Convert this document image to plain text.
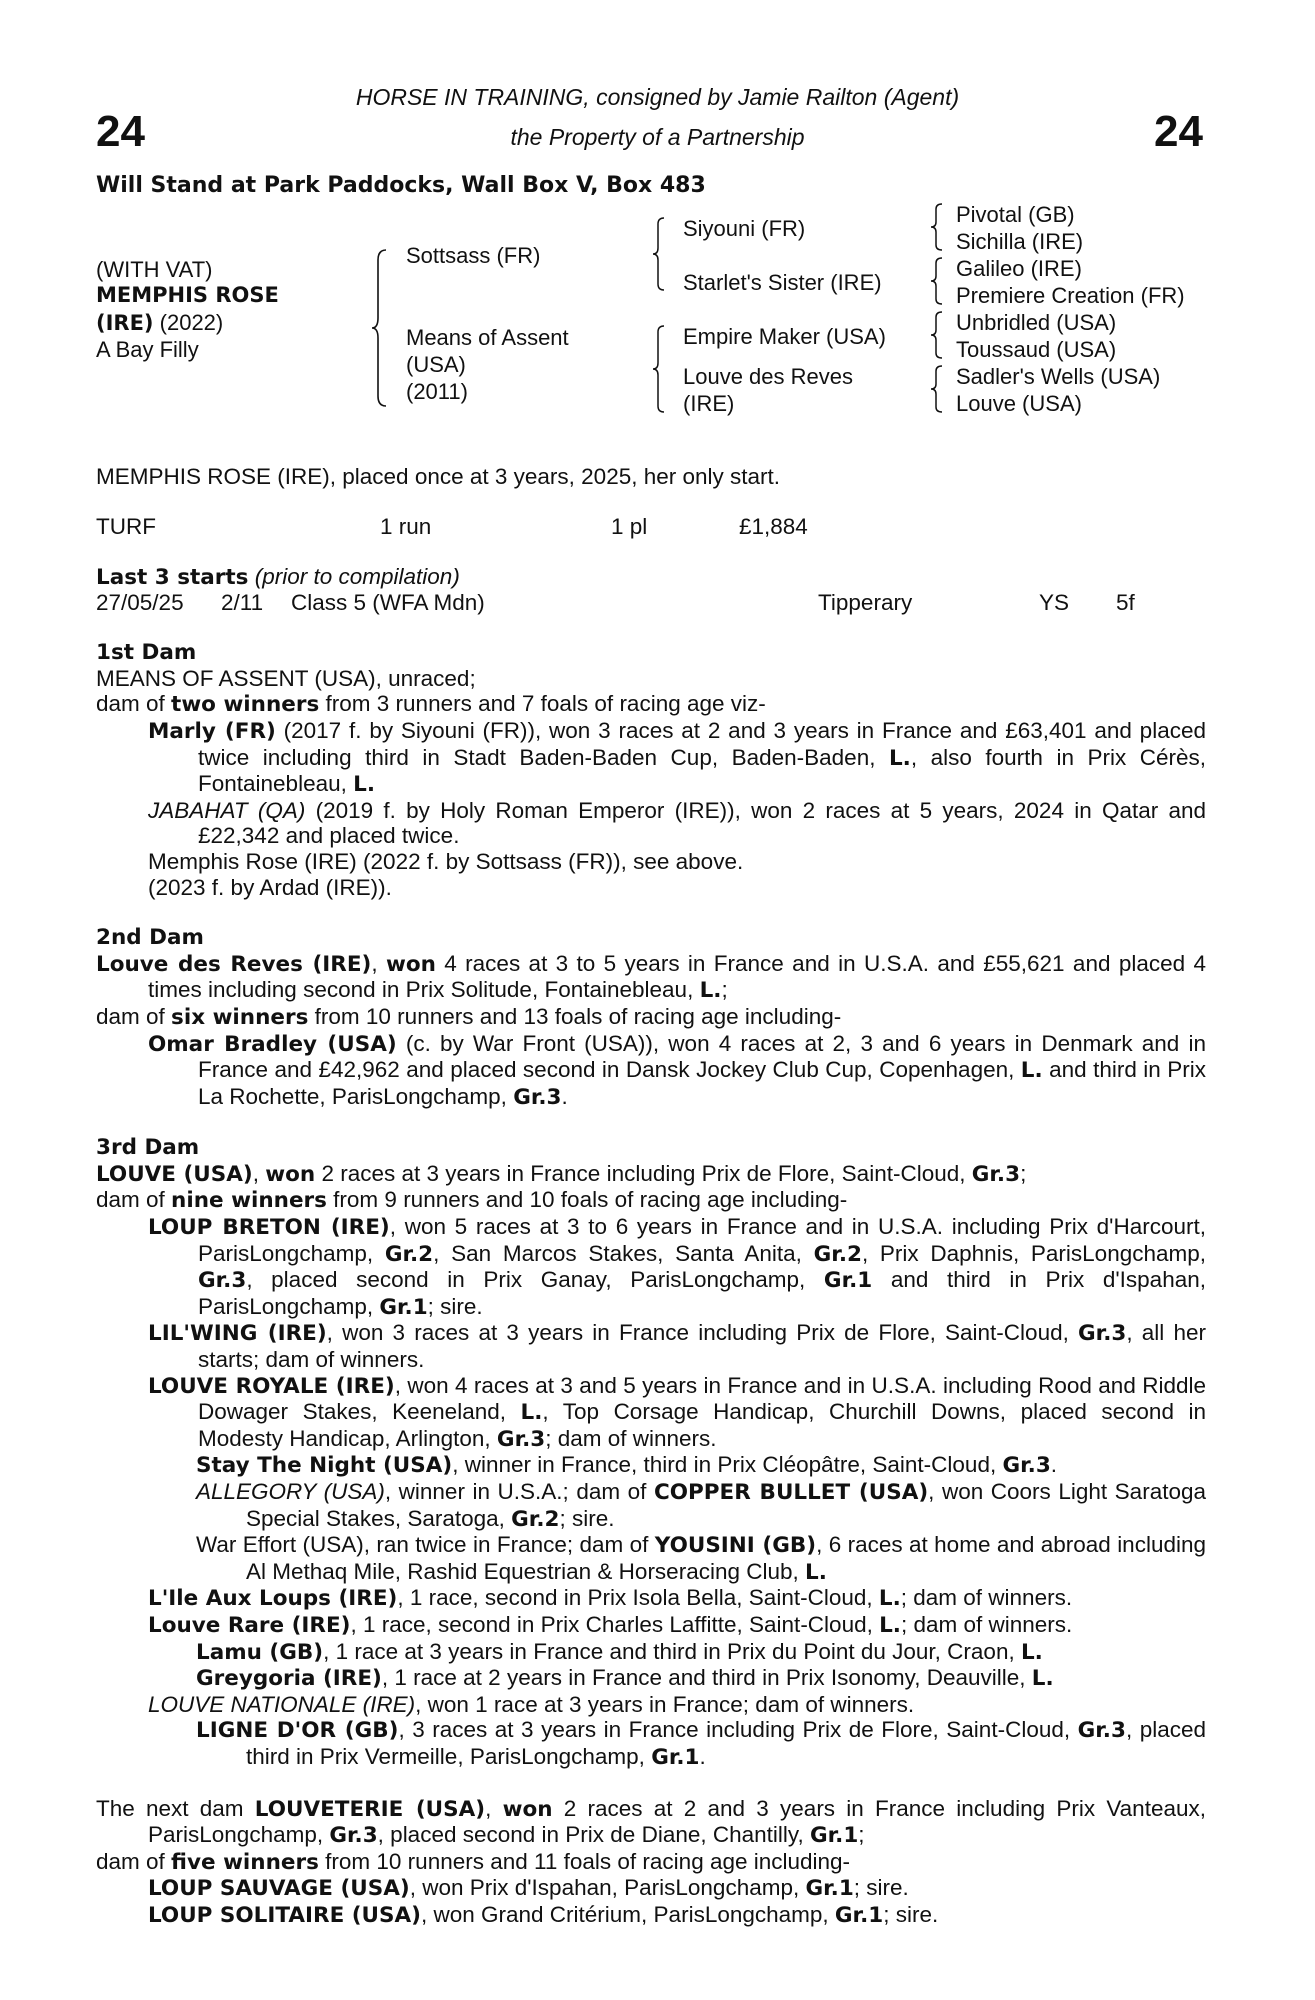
24	24
HORSE IN TRAINING, consigned by Jamie Railton (Agent)
the Property of a Partnership
Will Stand at Park Paddocks, Wall Box V, Box 483
(WITH VAT)
MEMPHIS ROSE
(IRE) (2022)
A Bay Filly
Sottsass (FR)
Means of Assent
(USA)
(2011)
Siyouni (FR)
Starlet's Sister (IRE)
Empire Maker (USA)
Louve des Reves
(IRE)
Pivotal (GB)
Sichilla (IRE)
Galileo (IRE)
Premiere Creation (FR)
Unbridled (USA)
Toussaud (USA)
Sadler's Wells (USA)
Louve (USA)

MEMPHIS ROSE (IRE), placed once at 3 years, 2025, her only start.

TURF	1 run	1 pl	£1,884

Last 3 starts (prior to compilation)

27/05/25 2/11 Class 5 (WFA Mdn)	Tipperary	YS 5f

1st Dam

MEANS OF ASSENT (USA), unraced;

dam of two winners from 3 runners and 7 foals of racing age viz-

Marly (FR) (2017 f. by Siyouni (FR)), won 3 races at 2 and 3 years in France and £63,401 and placed twice including third in Stadt Baden-Baden Cup, Baden-Baden, L., also fourth in Prix Cérès, Fontainebleau, L.

JABAHAT (QA) (2019 f. by Holy Roman Emperor (IRE)), won 2 races at 5 years, 2024 in Qatar and £22,342 and placed twice.

Memphis Rose (IRE) (2022 f. by Sottsass (FR)), see above.

(2023 f. by Ardad (IRE)).

2nd Dam

Louve des Reves (IRE), won 4 races at 3 to 5 years in France and in U.S.A. and £55,621 and placed 4 times including second in Prix Solitude, Fontainebleau, L.;

dam of six winners from 10 runners and 13 foals of racing age including-

Omar Bradley (USA) (c. by War Front (USA)), won 4 races at 2, 3 and 6 years in Denmark and in France and £42,962 and placed second in Dansk Jockey Club Cup, Copenhagen, L. and third in Prix La Rochette, ParisLongchamp, Gr.3.

3rd Dam

LOUVE (USA), won 2 races at 3 years in France including Prix de Flore, Saint-Cloud, Gr.3;

dam of nine winners from 9 runners and 10 foals of racing age including-

LOUP BRETON (IRE), won 5 races at 3 to 6 years in France and in U.S.A. including Prix d'Harcourt, ParisLongchamp, Gr.2, San Marcos Stakes, Santa Anita, Gr.2, Prix Daphnis, ParisLongchamp, Gr.3, placed second in Prix Ganay, ParisLongchamp, Gr.1 and third in Prix d'Ispahan, ParisLongchamp, Gr.1; sire.

LIL'WING (IRE), won 3 races at 3 years in France including Prix de Flore, Saint-Cloud, Gr.3, all her starts; dam of winners.

LOUVE ROYALE (IRE), won 4 races at 3 and 5 years in France and in U.S.A. including Rood and Riddle Dowager Stakes, Keeneland, L., Top Corsage Handicap, Churchill Downs, placed second in Modesty Handicap, Arlington, Gr.3; dam of winners.

Stay The Night (USA), winner in France, third in Prix Cléopâtre, Saint-Cloud, Gr.3.

ALLEGORY (USA), winner in U.S.A.; dam of COPPER BULLET (USA), won Coors Light Saratoga Special Stakes, Saratoga, Gr.2; sire.

War Effort (USA), ran twice in France; dam of YOUSINI (GB), 6 races at home and abroad including Al Methaq Mile, Rashid Equestrian & Horseracing Club, L.

L'Ile Aux Loups (IRE), 1 race, second in Prix Isola Bella, Saint-Cloud, L.; dam of winners.

Louve Rare (IRE), 1 race, second in Prix Charles Laffitte, Saint-Cloud, L.; dam of winners.

Lamu (GB), 1 race at 3 years in France and third in Prix du Point du Jour, Craon, L.

Greygoria (IRE), 1 race at 2 years in France and third in Prix Isonomy, Deauville, L.

LOUVE NATIONALE (IRE), won 1 race at 3 years in France; dam of winners.

LIGNE D'OR (GB), 3 races at 3 years in France including Prix de Flore, Saint-Cloud, Gr.3, placed third in Prix Vermeille, ParisLongchamp, Gr.1.

The next dam LOUVETERIE (USA), won 2 races at 2 and 3 years in France including Prix Vanteaux, ParisLongchamp, Gr.3, placed second in Prix de Diane, Chantilly, Gr.1;

dam of five winners from 10 runners and 11 foals of racing age including-

LOUP SAUVAGE (USA), won Prix d'Ispahan, ParisLongchamp, Gr.1; sire.

LOUP SOLITAIRE (USA), won Grand Critérium, ParisLongchamp, Gr.1; sire.
